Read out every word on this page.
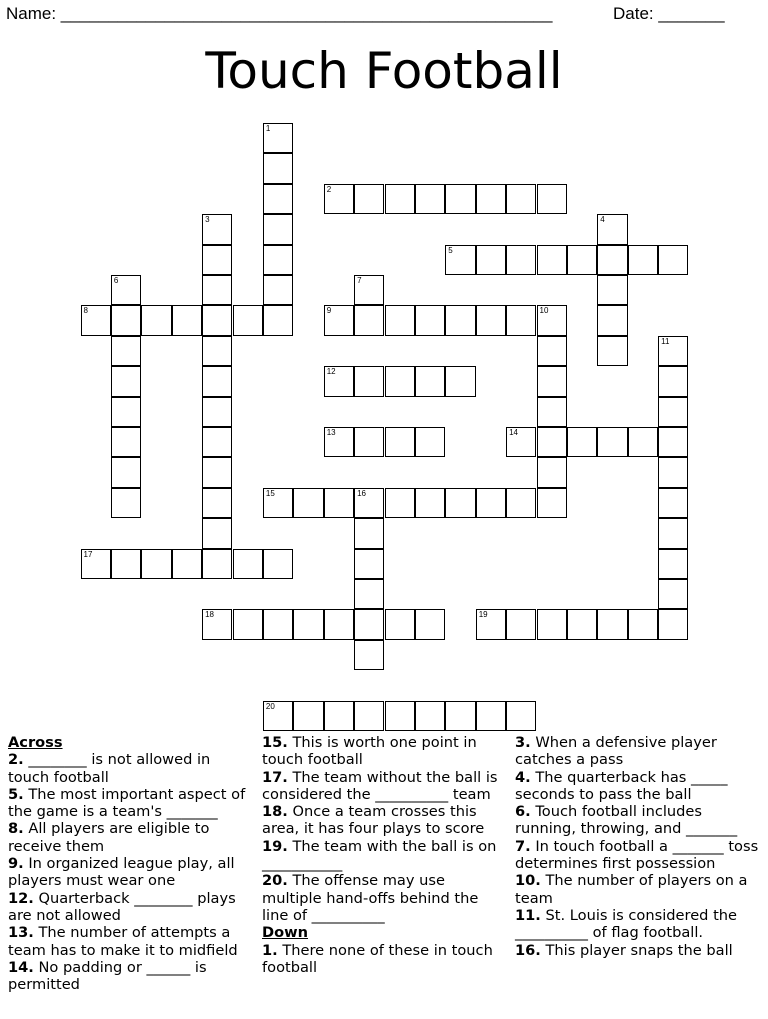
Name: ____________________________________________________	Date: _______
Touch Football
1
2
3	4
5
6	7
8	9	10
11
12
13	14
15	16
17
18	19
20
Across
2. ________ is not allowed in touch football
5. The most important aspect of the game is a team's _______
8. All players are eligible to receive them
9. In organized league play, all players must wear one
12. Quarterback ________ plays are not allowed
13. The number of attempts a team has to make it to midfield
14. No padding or ______ is permitted
15. This is worth one point in touch football
17. The team without the ball is considered the __________ team
18. Once a team crosses this area, it has four plays to score
19. The team with the ball is on ___________
20. The offense may use multiple hand-offs behind the line of __________
Down
1. There none of these in touch football
3. When a defensive player catches a pass
4. The quarterback has _____ seconds to pass the ball
6. Touch football includes running, throwing, and _______
7. In touch football a _______ toss determines first possession
10. The number of players on a team
11. St. Louis is considered the __________ of flag football.
16. This player snaps the ball
